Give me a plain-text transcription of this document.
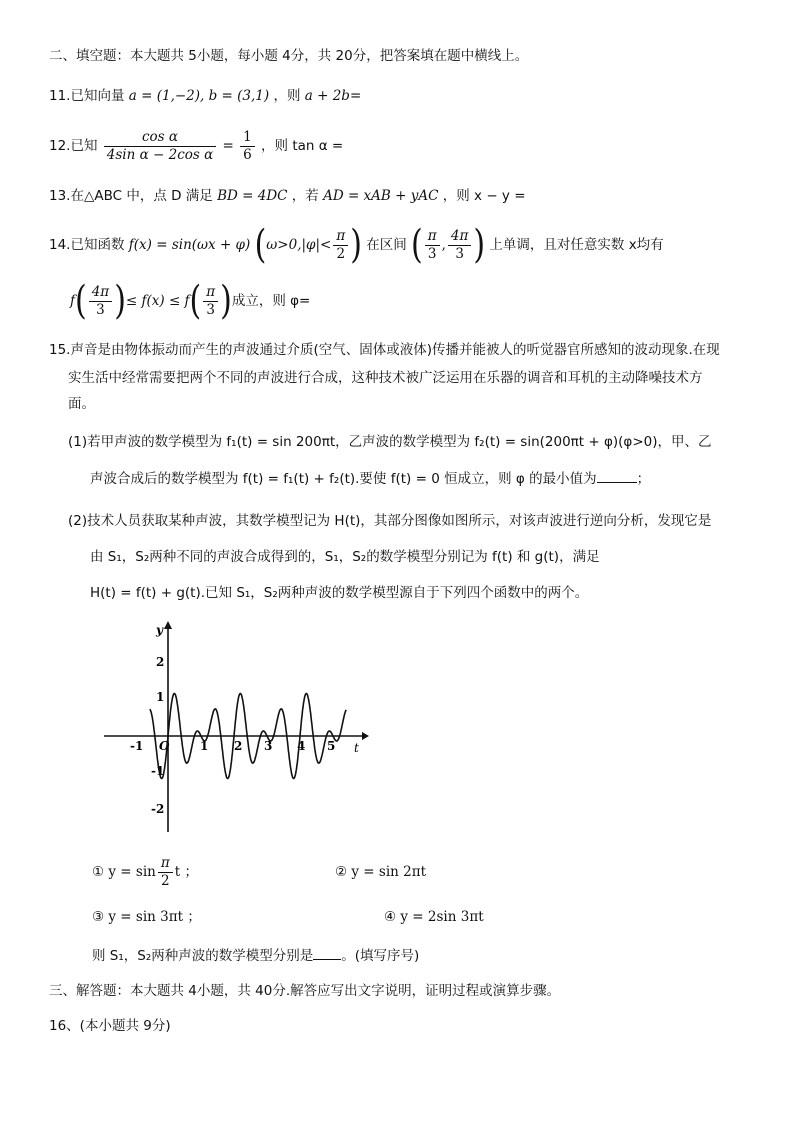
二、填空题：本大题共 5小题，每小题 4分，共 20分，把答案填在题中横线上。
11.已知向量 a = (1,−2), b = (3,1) ，则 a + 2b=
12.已知 $\frac{\text{cos α}}{\text{4sin α − 2cos α}} = \frac{1}{6}$ ，则 tan α =
13.在△ABC 中，点 D 满足 BD = 4DC ，若 AD = xAB + yAC ，则 x − y =
14.已知函数 f(x) = sin(ωx + φ) ($\omega>0,|\varphi|< \frac{\pi}{2}$ ) 在区间 ( $\frac{\pi}{3}$ , $\frac{4\pi}{3}$ ) 上单调，且对任意实数 x均有
$f( \frac{4\pi}{3}$ )≤ $f(x) \le f( \frac{\pi}{3}$ )成立，则 φ=
15.声音是由物体振动而产生的声波通过介质(空气、固体或液体)传播并能被人的听觉器官所感知的波动现象.在现
实生活中经常需要把两个不同的声波进行合成，这种技术被广泛运用在乐器的调音和耳机的主动降噪技术方
面。
(1)若甲声波的数学模型为 f₁(t) = sin 200πt，乙声波的数学模型为 f₂(t) = sin(200πt + φ)(φ>0)，甲、乙
声波合成后的数学模型为 f(t) = f₁(t) + f₂(t).要使 f(t) = 0 恒成立，则 φ 的最小值为	；
(2)技术人员获取某种声波，其数学模型记为 H(t)，其部分图像如图所示，对该声波进行逆向分析，发现它是
由 S₁，S₂两种不同的声波合成得到的，S₁，S₂的数学模型分别记为 f(t) 和 g(t)，满足
H(t) = f(t) + g(t).已知 S₁，S₂两种声波的数学模型源自于下列四个函数中的两个。
y
t
2
1
-1
-2
-1 O	1 2 3 4 5
① $y = \sin \frac{\pi}{2}$ t ；	② y = sin 2πt
③ y = sin 3πt ；	④ y = 2sin 3πt
则 S₁，S₂两种声波的数学模型分别是 。(填写序号)
三、解答题：本大题共 4小题，共 40分.解答应写出文字说明，证明过程或演算步骤。
16、(本小题共 9分)
